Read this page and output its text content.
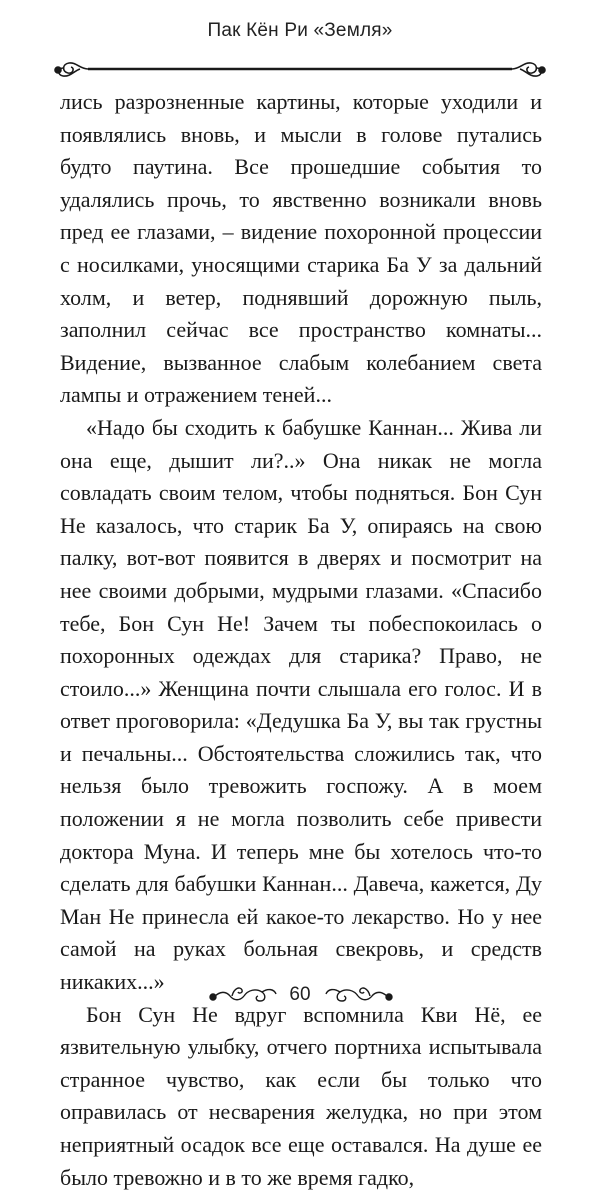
Пак Кён Ри «Земля»

лись разрозненные картины, которые уходили и появлялись вновь, и мысли в голове путались будто паутина. Все прошедшие события то удалялись прочь, то явственно возникали вновь пред ее глазами, – видение похоронной процессии с носилками, уносящими старика Ба У за дальний холм, и ветер, поднявший дорожную пыль, заполнил сейчас все пространство комнаты... Видение, вызванное слабым колебанием света лампы и отражением теней...

«Надо бы сходить к бабушке Каннан... Жива ли она еще, дышит ли?..» Она никак не могла совладать своим телом, чтобы подняться. Бон Сун Не казалось, что старик Ба У, опираясь на свою палку, вот-вот появится в дверях и посмотрит на нее своими добрыми, мудрыми глазами. «Спасибо тебе, Бон Сун Не! Зачем ты побеспокоилась о похоронных одеждах для старика? Право, не стоило...» Женщина почти слышала его голос. И в ответ проговорила: «Дедушка Ба У, вы так грустны и печальны... Обстоятельства сложились так, что нельзя было тревожить госпожу. А в моем положении я не могла позволить себе привести доктора Муна. И теперь мне бы хотелось что-то сделать для бабушки Каннан... Давеча, кажется, Ду Ман Не принесла ей какое-то лекарство. Но у нее самой на руках больная свекровь, и средств никаких...»

Бон Сун Не вдруг вспомнила Кви Нё, ее язвительную улыбку, отчего портниха испытывала странное чувство, как если бы только что оправилась от несварения желудка, но при этом неприятный осадок все еще оставался. На душе ее было тревожно и в то же время гадко,

60
